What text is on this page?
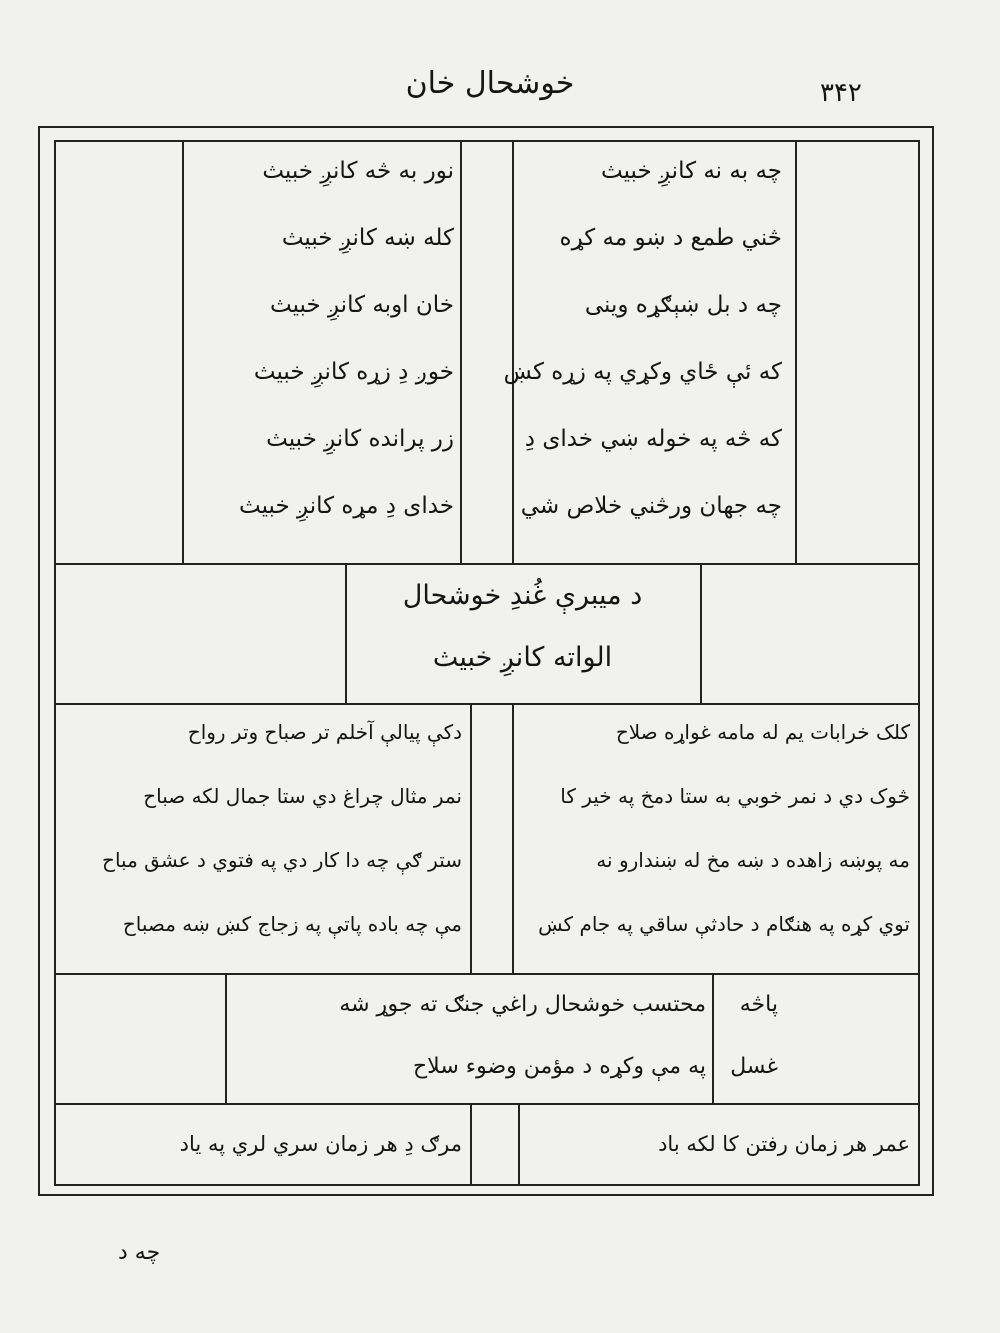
خوشحال خان	۳۴۲
چه به نه کانږِ خبیث
څني طمع د ښو مه کړه
چه د بل ښېګړه وینی
که ئې ځاي وکړي په زړه کښ
که څه په خوله ښي خدای دِ
چه جهان ورڅني خلاص شي
نور به څه کانږِ خبیث
کله ښه کانږِ خبیث
خان اوبه کانږِ خبیث
خوږ دِ زړه کانږِ خبیث
زر پرانده کانږِ خبیث
خدای دِ مړه کانږِ خبیث
د میبرې غُندِ خوشحال
الواته کانږِ خبیث
کلک خرابات یم له مامه غواړه صلاح
څوک دي د نمر خوبي به ستا دمخ په خیر کا
مه پوښه زاهده د ښه مخ له ښندارو نه
توي کړه په هنګام د حادثې ساقي په جام کښ
دکې پیالې آخلم تر صباح وتر رواح
نمر مثال چراغ دي ستا جمال لکه صباح
ستر ګې چه دا کار دي په فتوي د عشق مباح
مې چه باده پاتې په زجاج کښ ښه مصباح
پاڅه
غسل
محتسب خوشحال راغي جنګ ته جوړ شه
په مې وکړه د مؤمن وضوء سلاح
عمر هر زمان رفتن کا لکه باد
مرګ دِ هر زمان سري لري په یاد
چه د
